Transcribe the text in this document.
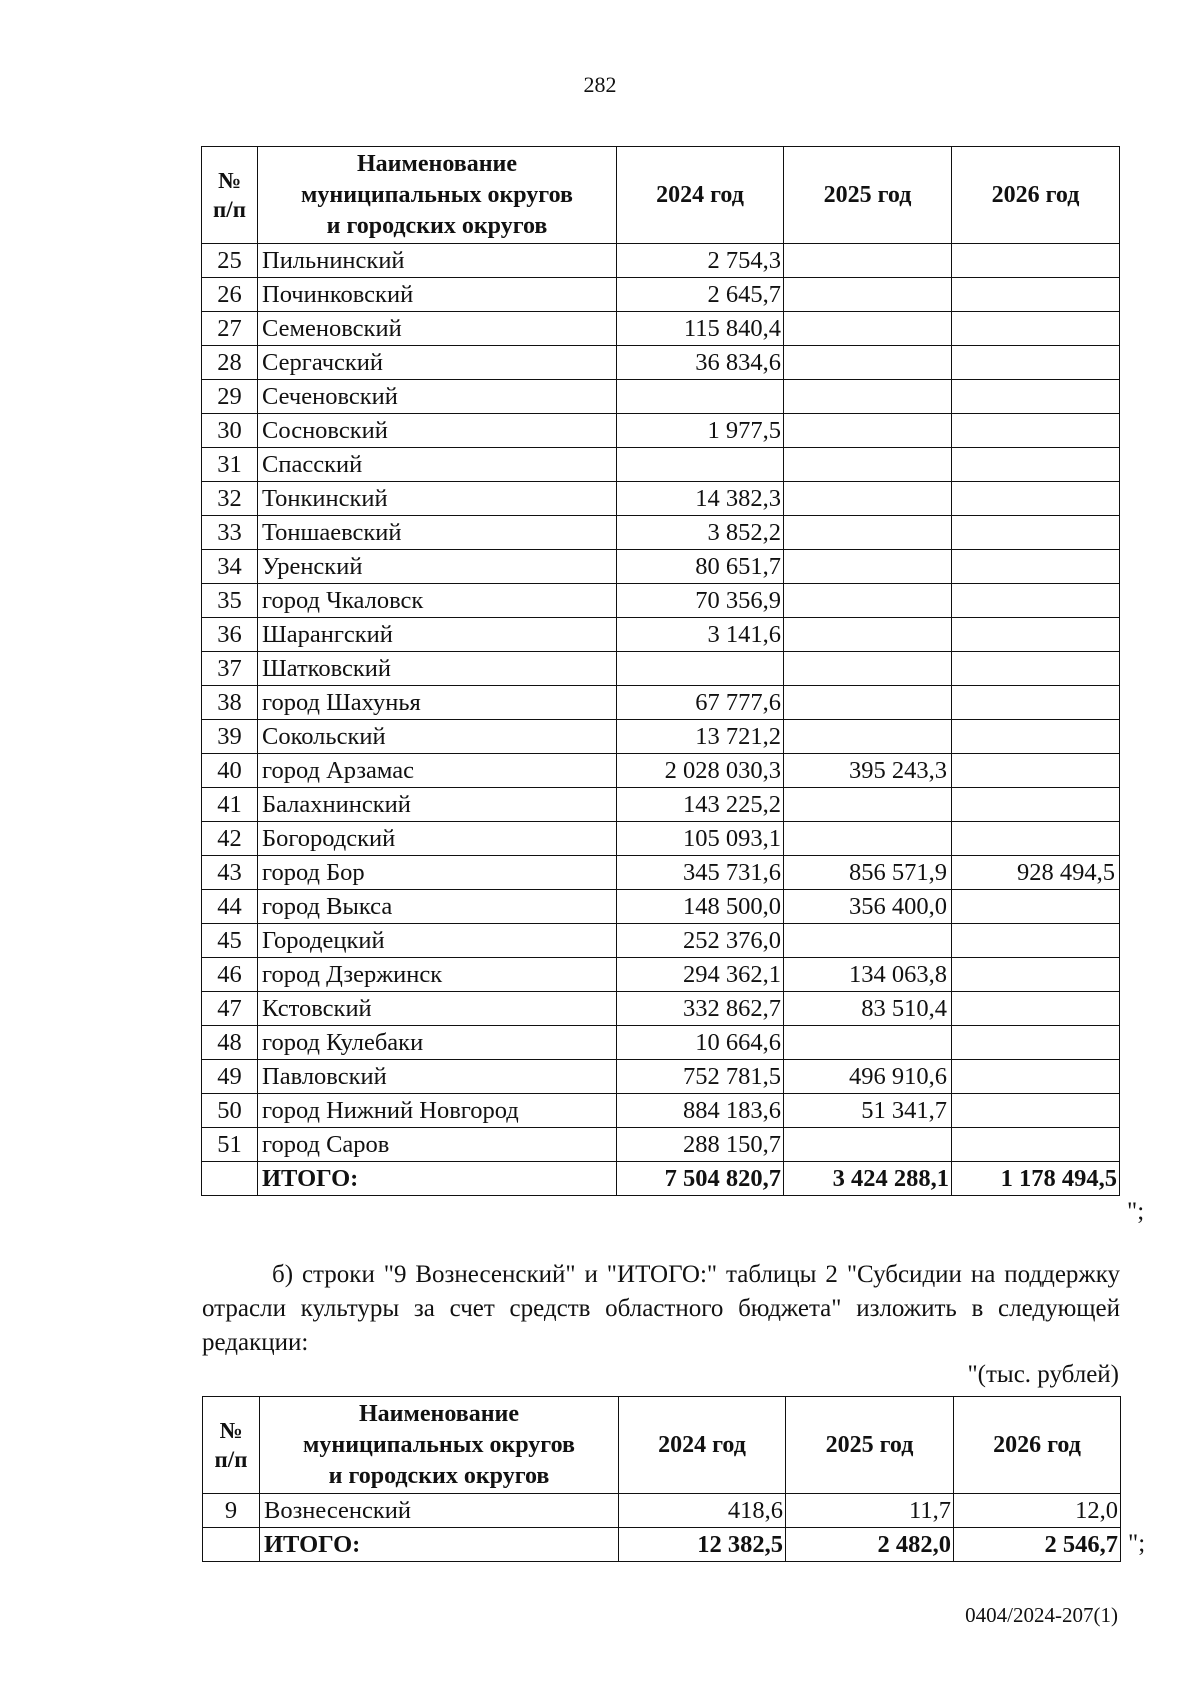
282
№
п/п	Наименование
муниципальных округов
и городских округов	2024 год	2025 год	2026 год
25	Пильнинский	2 754,3		
26	Починковский	2 645,7		
27	Семеновский	115 840,4		
28	Сергачский	36 834,6		
29	Сеченовский			
30	Сосновский	1 977,5		
31	Спасский			
32	Тонкинский	14 382,3		
33	Тоншаевский	3 852,2		
34	Уренский	80 651,7		
35	город Чкаловск	70 356,9		
36	Шарангский	3 141,6		
37	Шатковский			
38	город Шахунья	67 777,6		
39	Сокольский	13 721,2		
40	город Арзамас	2 028 030,3	395 243,3	
41	Балахнинский	143 225,2		
42	Богородский	105 093,1		
43	город Бор	345 731,6	856 571,9	928 494,5
44	город Выкса	148 500,0	356 400,0	
45	Городецкий	252 376,0		
46	город Дзержинск	294 362,1	134 063,8	
47	Кстовский	332 862,7	83 510,4	
48	город Кулебаки	10 664,6		
49	Павловский	752 781,5	496 910,6	
50	город Нижний Новгород	884 183,6	51 341,7	
51	город Саров	288 150,7		
	ИТОГО:	7 504 820,7	3 424 288,1	1 178 494,5
";
б) строки "9 Вознесенский" и "ИТОГО:" таблицы 2 "Субсидии на поддержку отрасли культуры за счет средств областного бюджета" изложить в следующей редакции:
"(тыс. рублей)
№
п/п	Наименование
муниципальных округов
и городских округов	2024 год	2025 год	2026 год
9	Вознесенский	418,6	11,7	12,0
	ИТОГО:	12 382,5	2 482,0	2 546,7 ";
0404/2024-207(1)
